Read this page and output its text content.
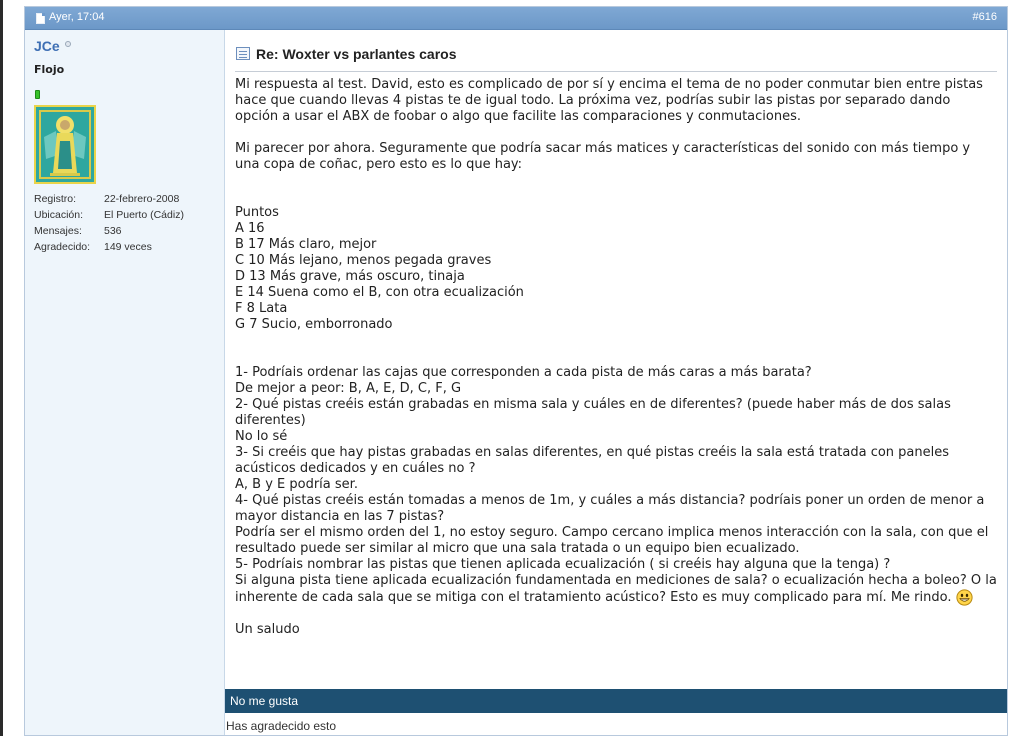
Ayer, 17:04	#616
JCe
Flojo
Registro:	22-febrero-2008
Ubicación:	El Puerto (Cádiz)
Mensajes:	536
Agradecido:	149 veces
Re: Woxter vs parlantes caros
Mi respuesta al test. David, esto es complicado de por sí y encima el tema de no poder conmutar bien entre pistas
hace que cuando llevas 4 pistas te de igual todo. La próxima vez, podrías subir las pistas por separado dando
opción a usar el ABX de foobar o algo que facilite las comparaciones y conmutaciones.

Mi parecer por ahora. Seguramente que podría sacar más matices y características del sonido con más tiempo y
una copa de coñac, pero esto es lo que hay:

Puntos
A 16
B 17 Más claro, mejor
C 10 Más lejano, menos pegada graves
D 13 Más grave, más oscuro, tinaja
E 14 Suena como el B, con otra ecualización
F 8 Lata
G 7 Sucio, emborronado

1- Podríais ordenar las cajas que corresponden a cada pista de más caras a más barata?
De mejor a peor: B, A, E, D, C, F, G
2- Qué pistas creéis están grabadas en misma sala y cuáles en de diferentes? (puede haber más de dos salas
diferentes)
No lo sé
3- Si creéis que hay pistas grabadas en salas diferentes, en qué pistas creéis la sala está tratada con paneles
acústicos dedicados y en cuáles no ?
A, B y E podría ser.
4- Qué pistas creéis están tomadas a menos de 1m, y cuáles a más distancia? podríais poner un orden de menor a
mayor distancia en las 7 pistas?
Podría ser el mismo orden del 1, no estoy seguro. Campo cercano implica menos interacción con la sala, con que el
resultado puede ser similar al micro que una sala tratada o un equipo bien ecualizado.
5- Podríais nombrar las pistas que tienen aplicada ecualización ( si creéis hay alguna que la tenga) ?
Si alguna pista tiene aplicada ecualización fundamentada en mediciones de sala? o ecualización hecha a boleo? O la
inherente de cada sala que se mitiga con el tratamiento acústico? Esto es muy complicado para mí. Me rindo.

Un saludo
No me gusta
Has agradecido esto
